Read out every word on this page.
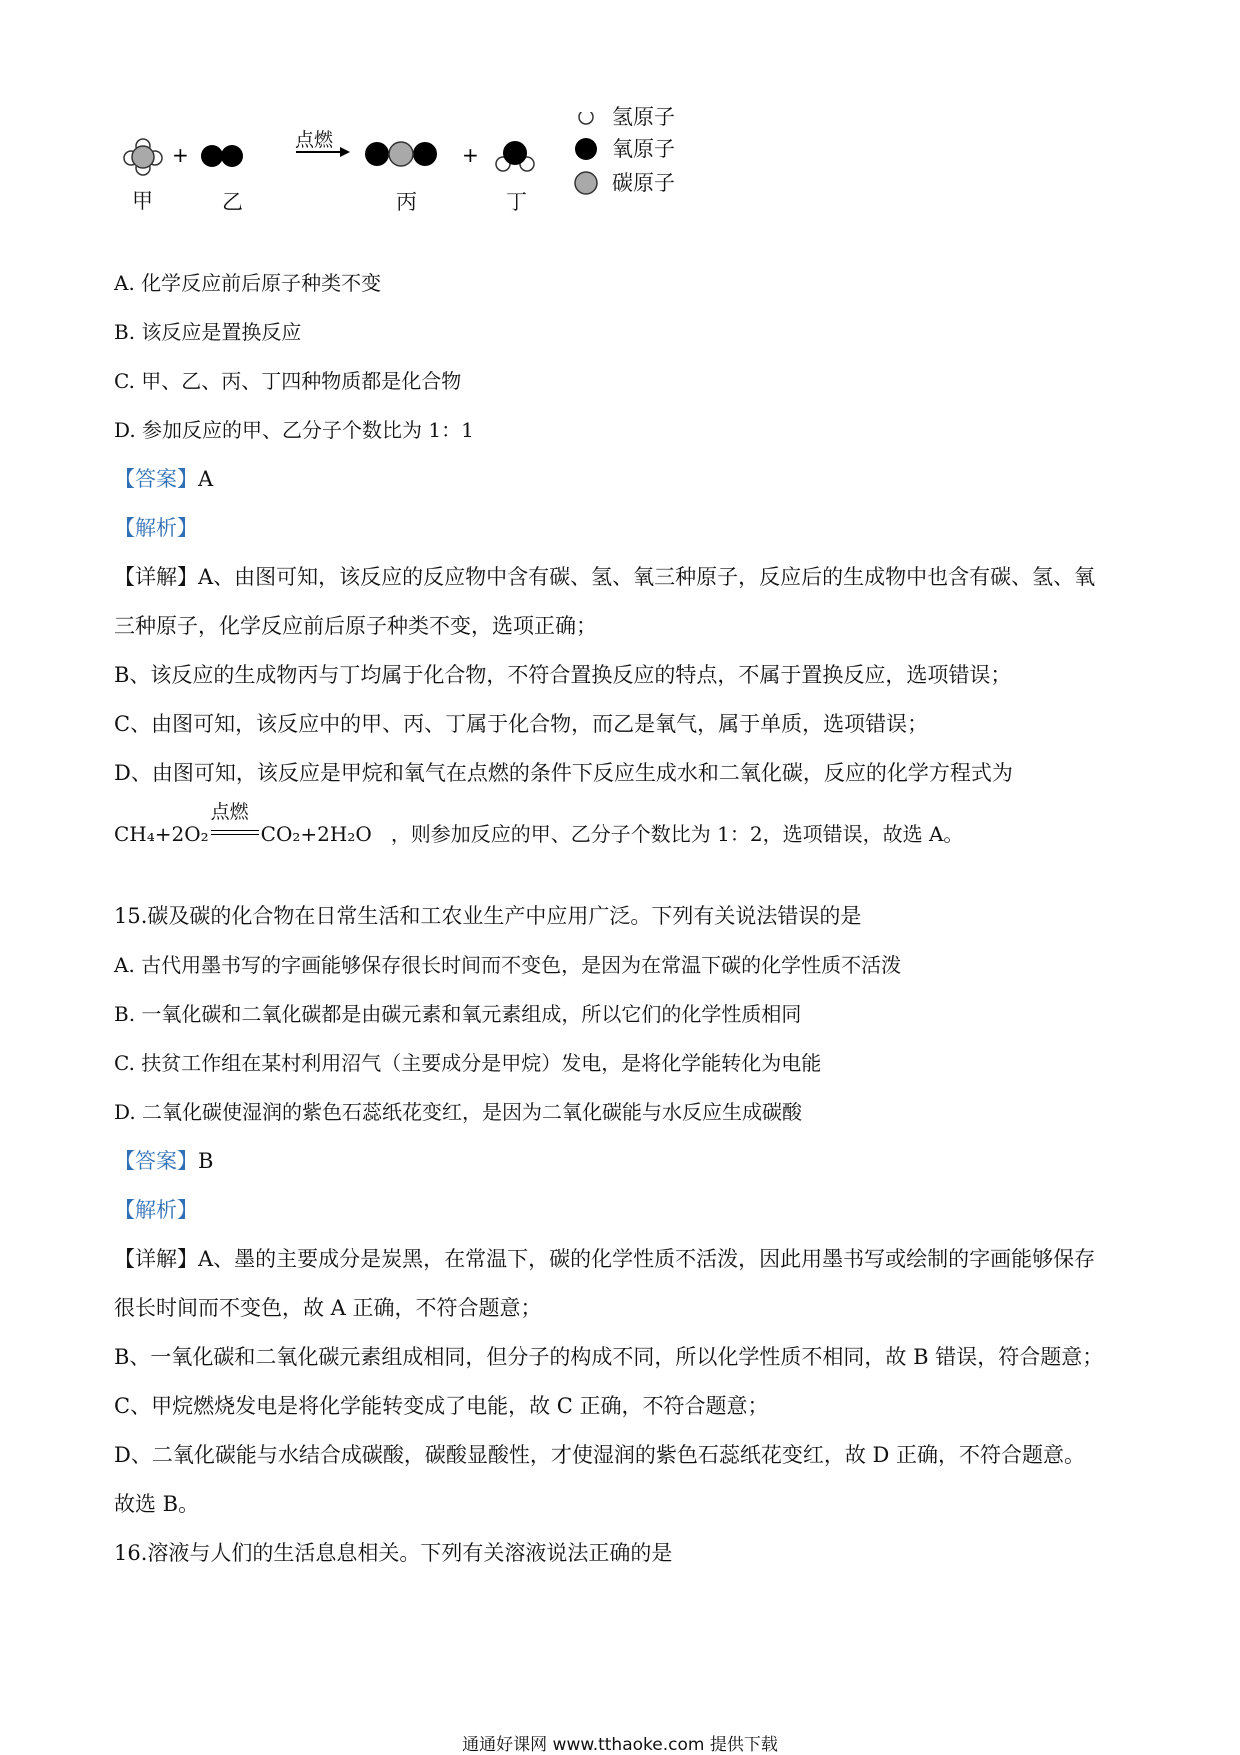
+	+
点燃
甲	乙	丙	丁
氢原子
氧原子
碳原子
A. 化学反应前后原子种类不变
B. 该反应是置换反应
C. 甲、乙、丙、丁四种物质都是化合物
D. 参加反应的甲、乙分子个数比为 1：1
【答案】A
【解析】
【详解】A、由图可知，该反应的反应物中含有碳、氢、氧三种原子，反应后的生成物中也含有碳、氢、氧
三种原子，化学反应前后原子种类不变，选项正确；
B、该反应的生成物丙与丁均属于化合物，不符合置换反应的特点，不属于置换反应，选项错误；
C、由图可知，该反应中的甲、丙、丁属于化合物，而乙是氧气，属于单质，选项错误；
D、由图可知，该反应是甲烷和氧气在点燃的条件下反应生成水和二氧化碳，反应的化学方程式为
CH₄+2O₂
点燃
CO₂+2H₂O ，则参加反应的甲、乙分子个数比为 1：2，选项错误，故选 A。
15.碳及碳的化合物在日常生活和工农业生产中应用广泛。下列有关说法错误的是
A. 古代用墨书写的字画能够保存很长时间而不变色，是因为在常温下碳的化学性质不活泼
B. 一氧化碳和二氧化碳都是由碳元素和氧元素组成，所以它们的化学性质相同
C. 扶贫工作组在某村利用沼气（主要成分是甲烷）发电，是将化学能转化为电能
D. 二氧化碳使湿润的紫色石蕊纸花变红，是因为二氧化碳能与水反应生成碳酸
【答案】B
【解析】
【详解】A、墨的主要成分是炭黑，在常温下，碳的化学性质不活泼，因此用墨书写或绘制的字画能够保存
很长时间而不变色，故 A 正确，不符合题意；
B、一氧化碳和二氧化碳元素组成相同，但分子的构成不同，所以化学性质不相同，故 B 错误，符合题意；
C、甲烷燃烧发电是将化学能转变成了电能，故 C 正确，不符合题意；
D、二氧化碳能与水结合成碳酸，碳酸显酸性，才使湿润的紫色石蕊纸花变红，故 D 正确，不符合题意。
故选 B。
16.溶液与人们的生活息息相关。下列有关溶液说法正确的是
通通好课网 www.tthaoke.com 提供下载
